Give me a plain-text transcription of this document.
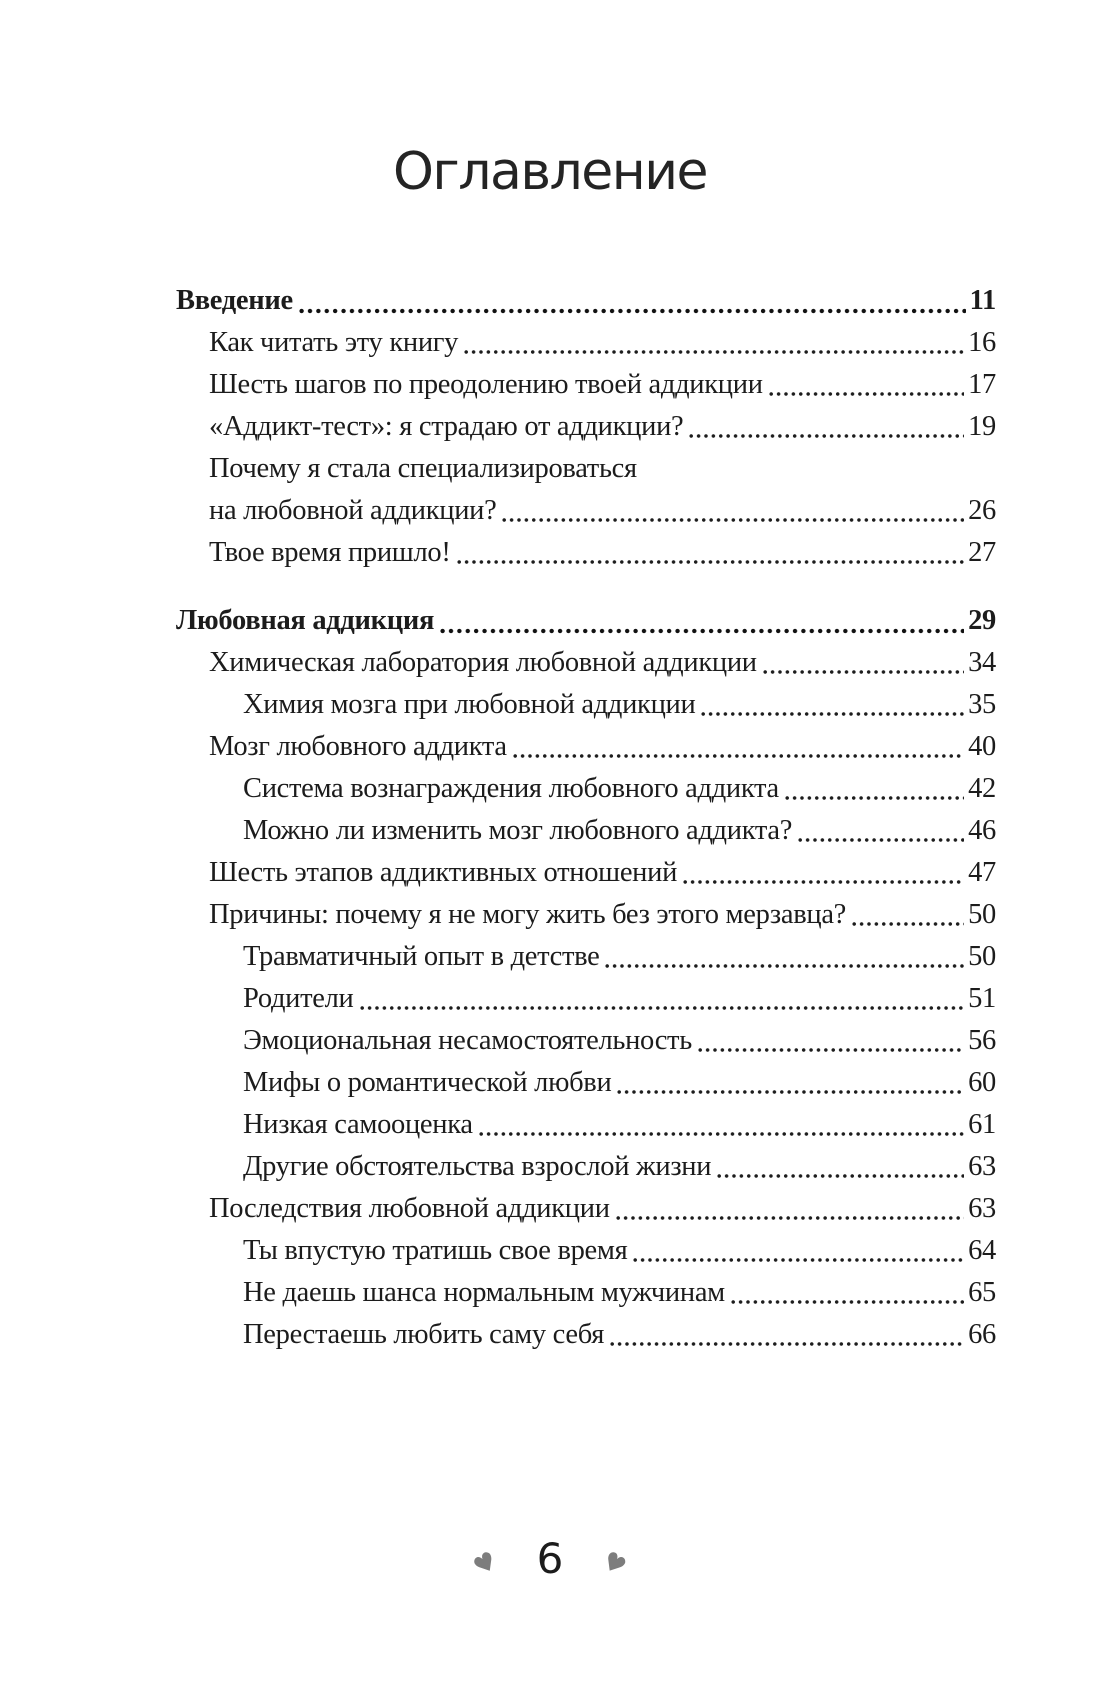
Оглавление
Введение	11
Как читать эту книгу	16
Шесть шагов по преодолению твоей аддикции	17
«Аддикт-тест»: я страдаю от аддикции?	19
Почему я стала специализироваться
на любовной аддикции?	26
Твое время пришло!	27
Любовная аддикция	29
Химическая лаборатория любовной аддикции	34
Химия мозга при любовной аддикции	35
Мозг любовного аддикта	40
Система вознаграждения любовного аддикта	42
Можно ли изменить мозг любовного аддикта?	46
Шесть этапов аддиктивных отношений	47
Причины: почему я не могу жить без этого мерзавца?	50
Травматичный опыт в детстве	50
Родители	51
Эмоциональная несамостоятельность	56
Мифы о романтической любви	60
Низкая самооценка	61
Другие обстоятельства взрослой жизни	63
Последствия любовной аддикции	63
Ты впустую тратишь свое время	64
Не даешь шанса нормальным мужчинам	65
Перестаешь любить саму себя	66
♥ 6 ♥
